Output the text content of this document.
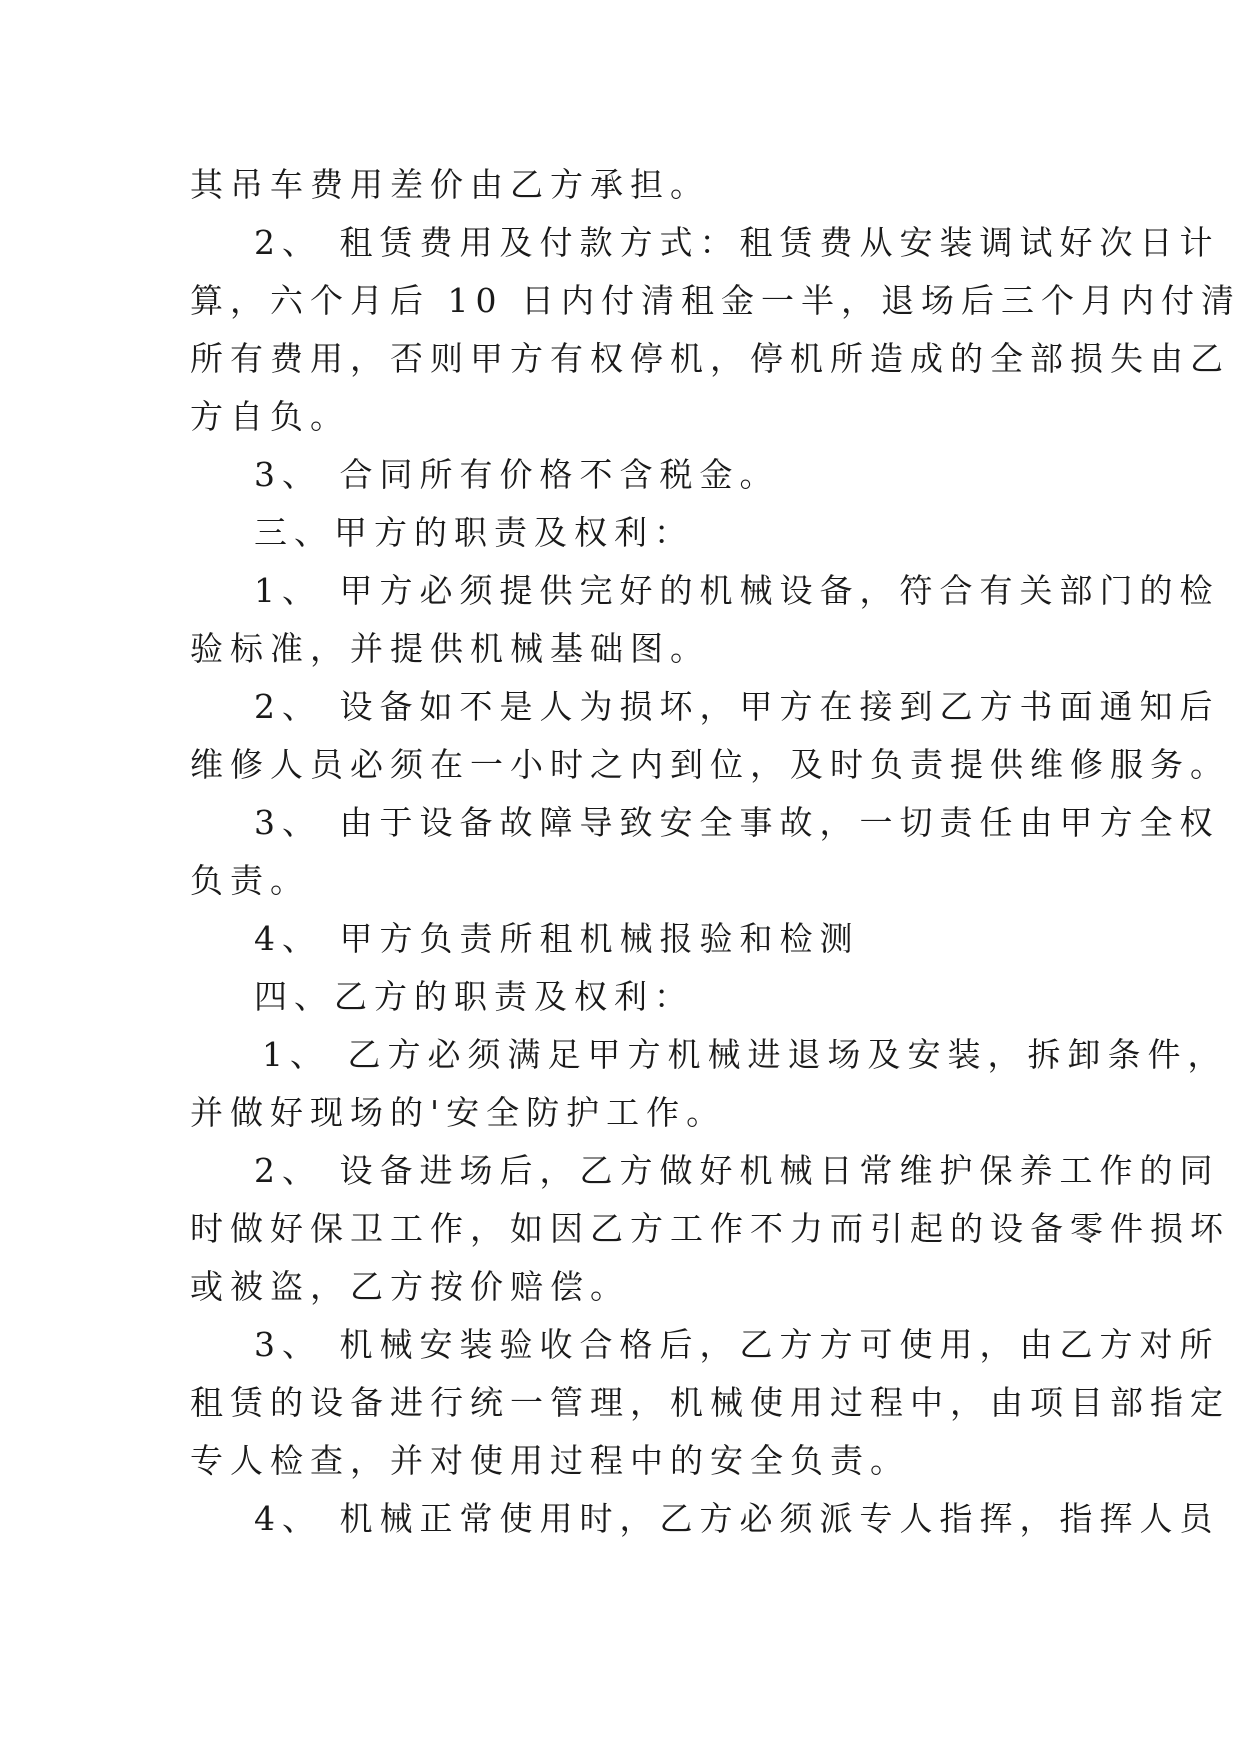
其吊车费用差价由乙方承担。
2、 租赁费用及付款方式：租赁费从安装调试好次日计
算，六个月后 10 日内付清租金一半，退场后三个月内付清
所有费用，否则甲方有权停机，停机所造成的全部损失由乙
方自负。
3、 合同所有价格不含税金。
三、甲方的职责及权利：
1、 甲方必须提供完好的机械设备，符合有关部门的检
验标准，并提供机械基础图。
2、 设备如不是人为损坏，甲方在接到乙方书面通知后
维修人员必须在一小时之内到位，及时负责提供维修服务。
3、 由于设备故障导致安全事故，一切责任由甲方全权
负责。
4、 甲方负责所租机械报验和检测
四、乙方的职责及权利：
1、 乙方必须满足甲方机械进退场及安装，拆卸条件，
并做好现场的'安全防护工作。
2、 设备进场后，乙方做好机械日常维护保养工作的同
时做好保卫工作，如因乙方工作不力而引起的设备零件损坏
或被盗，乙方按价赔偿。
3、 机械安装验收合格后，乙方方可使用，由乙方对所
租赁的设备进行统一管理，机械使用过程中，由项目部指定
专人检查，并对使用过程中的安全负责。
4、 机械正常使用时，乙方必须派专人指挥，指挥人员
